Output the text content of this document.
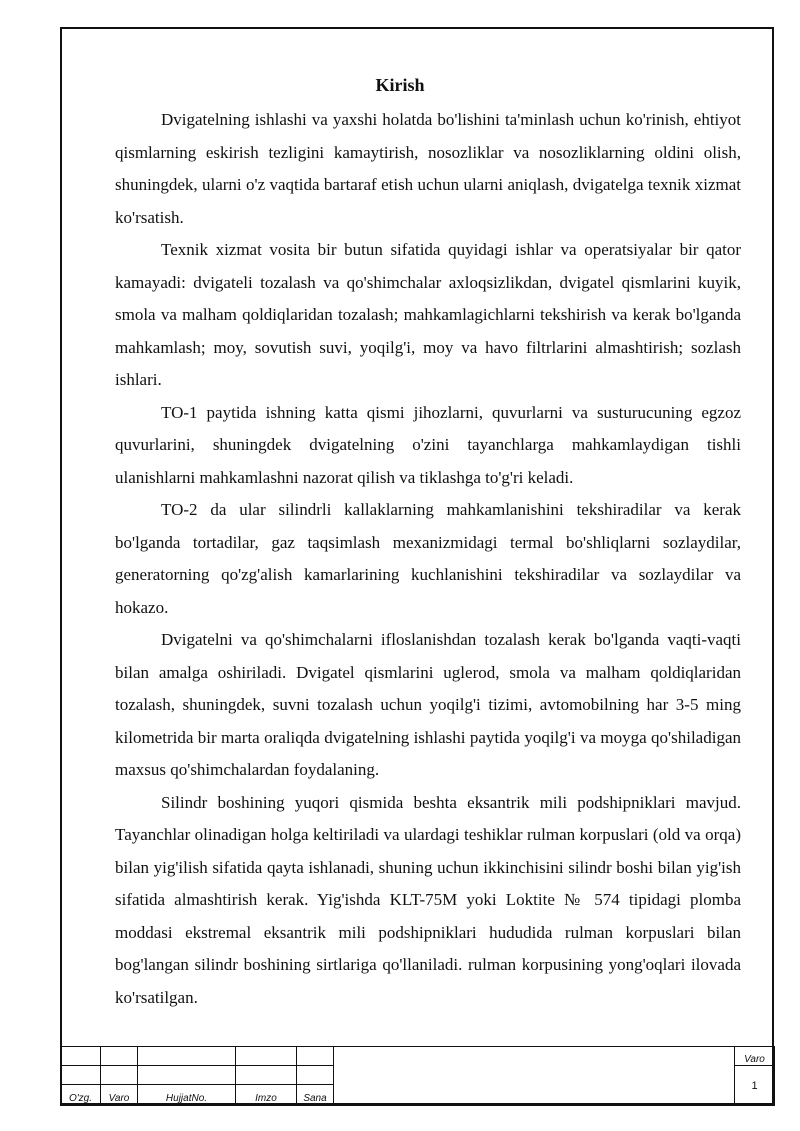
Kirish

Dvigatelning ishlashi va yaxshi holatda bo'lishini ta'minlash uchun ko'rinish, ehtiyot qismlarning eskirish tezligini kamaytirish, nosozliklar va nosozliklarning oldini olish, shuningdek, ularni o'z vaqtida bartaraf etish uchun ularni aniqlash, dvigatelga texnik xizmat ko'rsatish.

Texnik xizmat vosita bir butun sifatida quyidagi ishlar va operatsiyalar bir qator kamayadi: dvigateli tozalash va qo'shimchalar axloqsizlikdan, dvigatel qismlarini kuyik, smola va malham qoldiqlaridan tozalash; mahkamlagichlarni tekshirish va kerak bo'lganda mahkamlash; moy, sovutish suvi, yoqilg'i, moy va havo filtrlarini almashtirish; sozlash ishlari.

TO-1 paytida ishning katta qismi jihozlarni, quvurlarni va susturucuning egzoz quvurlarini, shuningdek dvigatelning o'zini tayanchlarga mahkamlaydigan tishli ulanishlarni mahkamlashni nazorat qilish va tiklashga to'g'ri keladi.

TO-2 da ular silindrli kallaklarning mahkamlanishini tekshiradilar va kerak bo'lganda tortadilar, gaz taqsimlash mexanizmidagi termal bo'shliqlarni sozlaydilar, generatorning qo'zg'alish kamarlarining kuchlanishini tekshiradilar va sozlaydilar va hokazo.

Dvigatelni va qo'shimchalarni ifloslanishdan tozalash kerak bo'lganda vaqti-vaqti bilan amalga oshiriladi. Dvigatel qismlarini uglerod, smola va malham qoldiqlaridan tozalash, shuningdek, suvni tozalash uchun yoqilg'i tizimi, avtomobilning har 3-5 ming kilometrida bir marta oraliqda dvigatelning ishlashi paytida yoqilg'i va moyga qo'shiladigan maxsus qo'shimchalardan foydalaning.

Silindr boshining yuqori qismida beshta eksantrik mili podshipniklari mavjud. Tayanchlar olinadigan holga keltiriladi va ulardagi teshiklar rulman korpuslari (old va orqa) bilan yig'ilish sifatida qayta ishlanadi, shuning uchun ikkinchisini silindr boshi bilan yig'ish sifatida almashtirish kerak. Yig'ishda KLT-75M yoki Loktite № 574 tipidagi plomba moddasi ekstremal eksantrik mili podshipniklari hududida rulman korpuslari bilan bog'langan silindr boshining sirtlariga qo'llaniladi. rulman korpusining yong'oqlari ilovada ko'rsatilgan.

						Varo
						1
O'zg.	Varo	HujjatNo.	Imzo	Sana		
